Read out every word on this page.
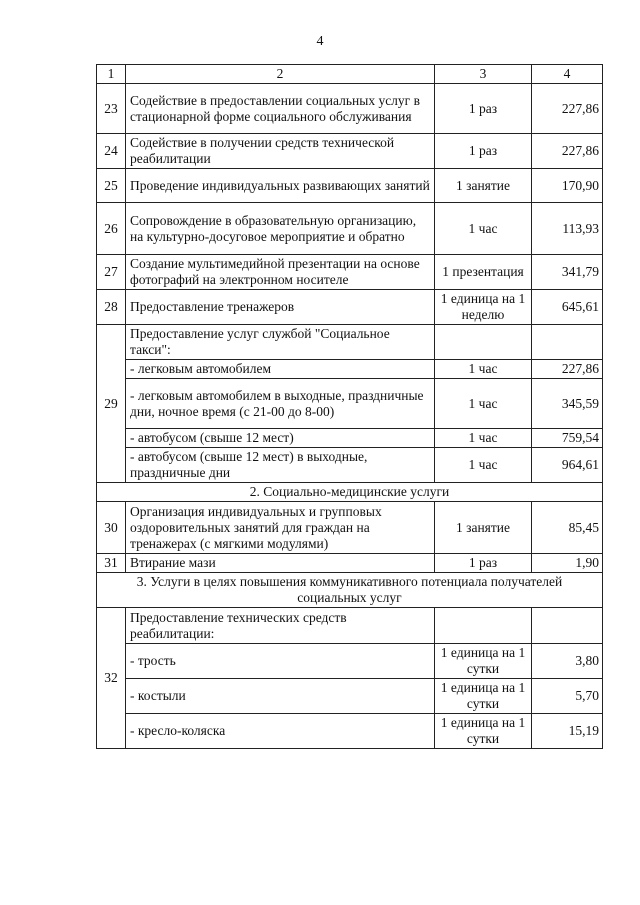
4
1	2	3	4
23	Содействие в предоставлении социальных услуг в стационарной форме социального обслуживания	1 раз	227,86
24	Содействие в получении средств технической реабилитации	1 раз	227,86
25	Проведение индивидуальных развивающих занятий	1 занятие	170,90
26	Сопровождение в образовательную организацию, на культурно-досуговое мероприятие и обратно	1 час	113,93
27	Создание мультимедийной презентации на основе фотографий на электронном носителе	1 презентация	341,79
28	Предоставление тренажеров	1 единица на 1 неделю	645,61
29	Предоставление услуг службой "Социальное такси":		
	- легковым автомобилем	1 час	227,86
	- легковым автомобилем в выходные, праздничные дни, ночное время (с 21-00 до 8-00)	1 час	345,59
	- автобусом (свыше 12 мест)	1 час	759,54
	- автобусом (свыше 12 мест) в выходные, праздничные дни	1 час	964,61
2. Социально-медицинские услуги			
30	Организация индивидуальных и групповых оздоровительных занятий для граждан на тренажерах (с мягкими модулями)	1 занятие	85,45
31	Втирание мази	1 раз	1,90
3. Услуги в целях повышения коммуникативного потенциала получателей социальных услуг			
32	Предоставление технических средств реабилитации:		
	- трость	1 единица на 1 сутки	3,80
	- костыли	1 единица на 1 сутки	5,70
	- кресло-коляска	1 единица на 1 сутки	15,19
